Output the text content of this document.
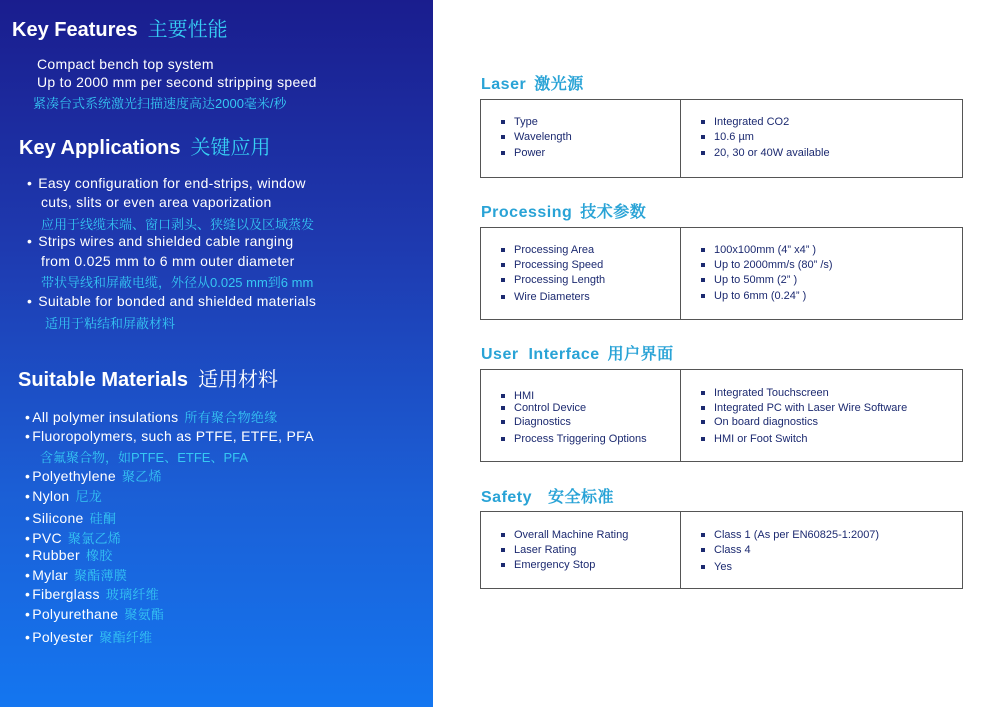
Key Features 主要性能
Compact bench top system
Up to 2000 mm per second stripping speed
紧凑台式系统激光扫描速度高达2000毫米/秒
Key Applications 关键应用
• Easy configuration for end-strips, window
cuts, slits or even area vaporization
应用于线缆末端、窗口剥头、狭缝以及区域蒸发
• Strips wires and shielded cable ranging
from 0.025 mm to 6 mm outer diameter
带状导线和屏蔽电缆，外径从0.025 mm到6 mm
• Suitable for bonded and shielded materials
适用于粘结和屏蔽材料
Suitable Materials 适用材料
• All polymer insulations 所有聚合物绝缘
• Fluoropolymers, such as PTFE, ETFE, PFA
含氟聚合物，如PTFE、ETFE、PFA
• Polyethylene 聚乙烯
• Nylon 尼龙
• Silicone 硅酮
• PVC 聚氯乙烯
• Rubber 橡胶
• Mylar 聚酯薄膜
• Fiberglass 玻璃纤维
• Polyurethane 聚氨酯
• Polyester 聚酯纤维
Laser 激光源
Type
Wavelength
Power
Integrated CO2
10.6 µm
20, 30 or 40W available
Processing 技术参数
Processing Area
Processing Speed
Processing Length
Wire Diameters
100x100mm (4” x4” )
Up to 2000mm/s (80” /s)
Up to 50mm (2” )
Up to 6mm (0.24” )
User  Interface 用户界面
HMI
Control Device
Diagnostics
Process Triggering Options
Integrated Touchscreen
Integrated PC with Laser Wire Software
On board diagnostics
HMI or Foot Switch
Safety 安全标准
Overall Machine Rating
Laser Rating
Emergency Stop
Class 1 (As per EN60825-1:2007)
Class 4
Yes
